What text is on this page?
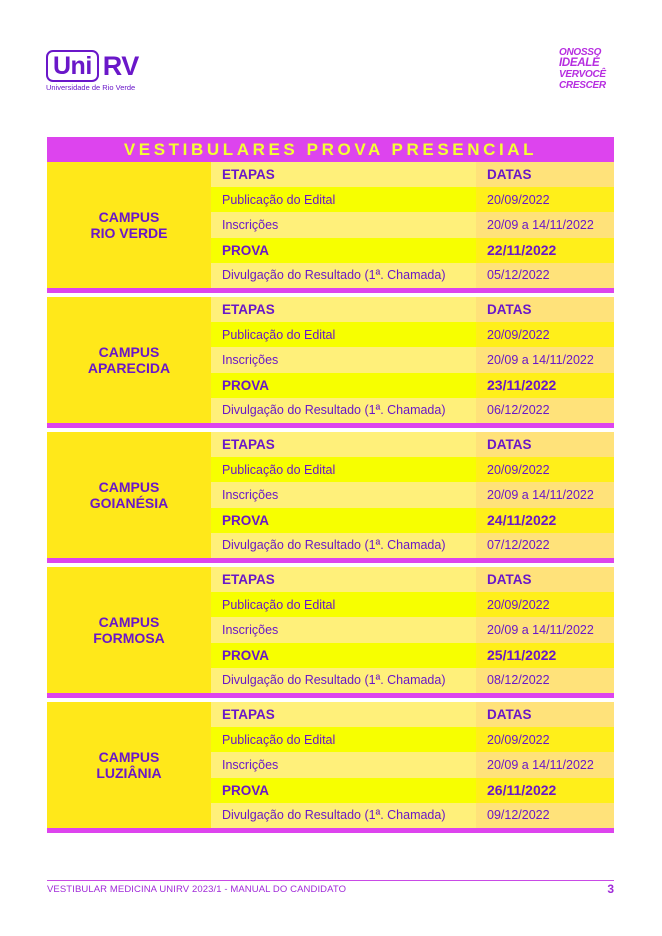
Uni RV
Universidade de Rio Verde
ONOSSO
IDEALÉ
VERVOCÊ
CRESCER
VESTIBULARES PROVA PRESENCIAL
CAMPUS
RIO VERDE
ETAPAS	DATAS
Publicação do Edital	20/09/2022
Inscrições	20/09 a 14/11/2022
PROVA	22/11/2022
Divulgação do Resultado (1ª. Chamada)	05/12/2022
CAMPUS
APARECIDA
ETAPAS	DATAS
Publicação do Edital	20/09/2022
Inscrições	20/09 a 14/11/2022
PROVA	23/11/2022
Divulgação do Resultado (1ª. Chamada)	06/12/2022
CAMPUS
GOIANÉSIA
ETAPAS	DATAS
Publicação do Edital	20/09/2022
Inscrições	20/09 a 14/11/2022
PROVA	24/11/2022
Divulgação do Resultado (1ª. Chamada)	07/12/2022
CAMPUS
FORMOSA
ETAPAS	DATAS
Publicação do Edital	20/09/2022
Inscrições	20/09 a 14/11/2022
PROVA	25/11/2022
Divulgação do Resultado (1ª. Chamada)	08/12/2022
CAMPUS
LUZIÂNIA
ETAPAS	DATAS
Publicação do Edital	20/09/2022
Inscrições	20/09 a 14/11/2022
PROVA	26/11/2022
Divulgação do Resultado (1ª. Chamada)	09/12/2022
VESTIBULAR MEDICINA UNIRV 2023/1 - MANUAL DO CANDIDATO	3
